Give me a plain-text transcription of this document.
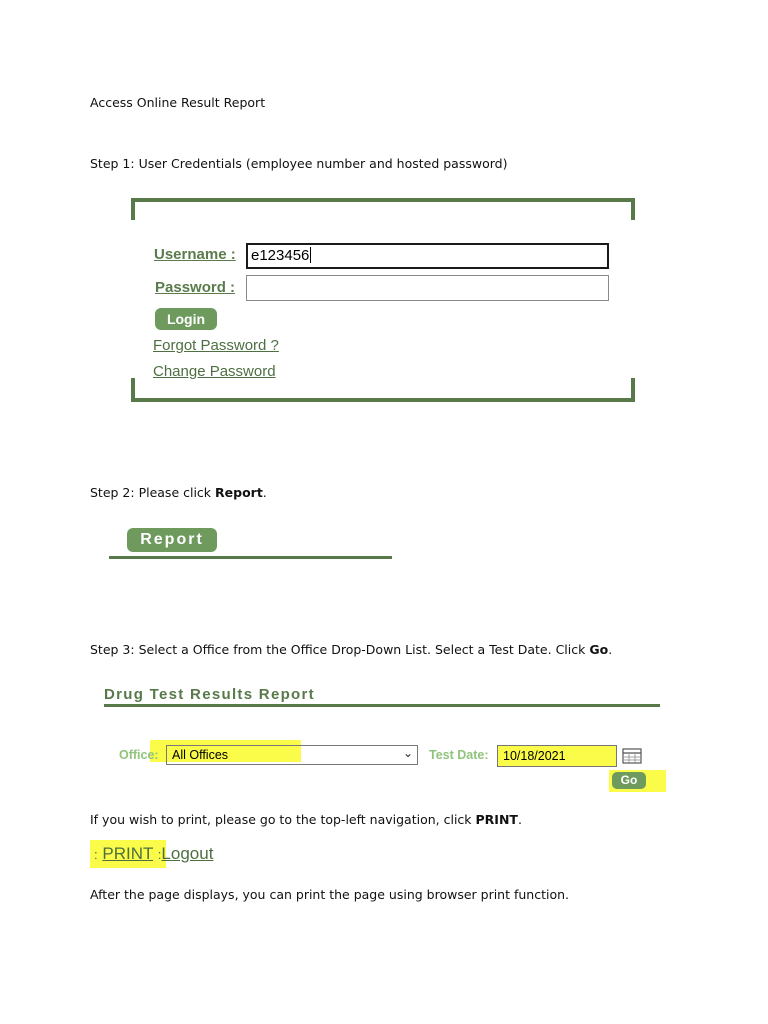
Access Online Result Report
Step 1: User Credentials (employee number and hosted password)
Username :	e123456
Password :
Login
Forgot Password ?
Change Password
Step 2: Please click Report.
Report
Step 3: Select a Office from the Office Drop-Down List. Select a Test Date. Click Go.
Drug Test Results Report
Office:	All Offices	⌄ Test Date:	10/18/2021
Go
If you wish to print, please go to the top-left navigation, click PRINT.
: PRINT :Logout
After the page displays, you can print the page using browser print function.
